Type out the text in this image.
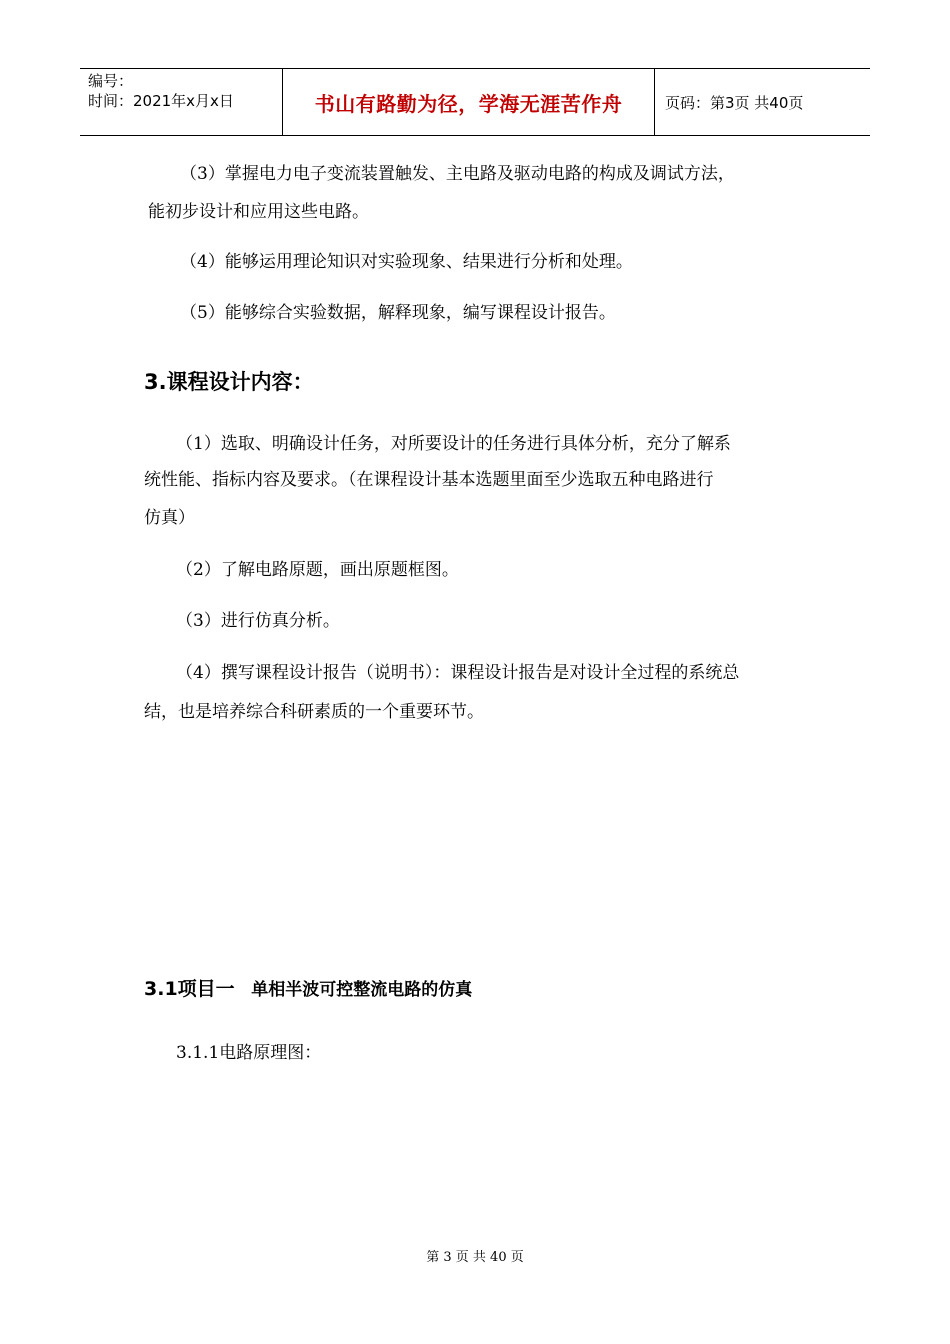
编号：
时间：2021年x月x日	书山有路勤为径，学海无涯苦作舟	页码：第3页 共40页
（3）掌握电力电子变流装置触发、主电路及驱动电路的构成及调试方法，
能初步设计和应用这些电路。
（4）能够运用理论知识对实验现象、结果进行分析和处理。
（5）能够综合实验数据，解释现象，编写课程设计报告。
3.课程设计内容：
（1）选取、明确设计任务，对所要设计的任务进行具体分析，充分了解系
统性能、指标内容及要求。（在课程设计基本选题里面至少选取五种电路进行
仿真）
（2）了解电路原题，画出原题框图。
（3）进行仿真分析。
（4）撰写课程设计报告（说明书）：课程设计报告是对设计全过程的系统总
结，也是培养综合科研素质的一个重要环节。
3.1项目一 单相半波可控整流电路的仿真
3.1.1电路原理图：
第 3 页 共 40 页
